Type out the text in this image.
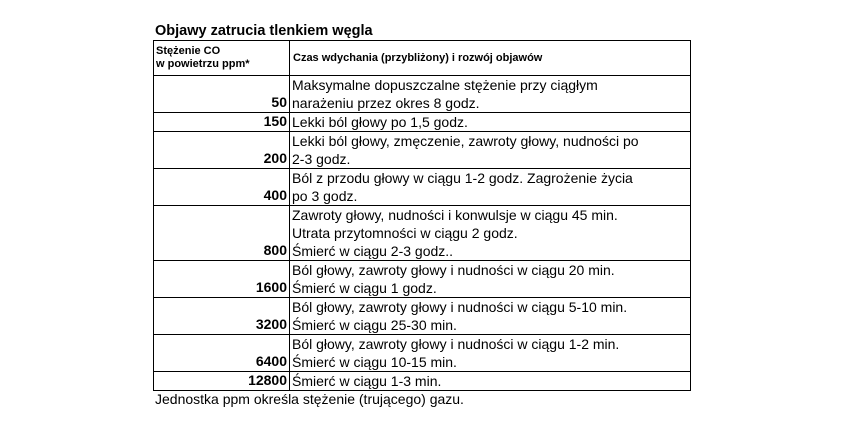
Objawy zatrucia tlenkiem węgla
Stężenie CO
w powietrzu ppm*	Czas wdychania (przybliżony) i rozwój objawów
50	Maksymalne dopuszczalne stężenie przy ciągłym
narażeniu przez okres 8 godz.
150	Lekki ból głowy po 1,5 godz.
200	Lekki ból głowy, zmęczenie, zawroty głowy, nudności po
2-3 godz.
400	Ból z przodu głowy w ciągu 1-2 godz. Zagrożenie życia
po 3 godz.
800	Zawroty głowy, nudności i konwulsje w ciągu 45 min.
Utrata przytomności w ciągu 2 godz.
Śmierć w ciągu 2-3 godz..
1600	Ból głowy, zawroty głowy i nudności w ciągu 20 min.
Śmierć w ciągu 1 godz.
3200	Ból głowy, zawroty głowy i nudności w ciągu 5-10 min.
Śmierć w ciągu 25-30 min.
6400	Ból głowy, zawroty głowy i nudności w ciągu 1-2 min.
Śmierć w ciągu 10-15 min.
12800	Śmierć w ciągu 1-3 min.
Jednostka ppm określa stężenie (trującego) gazu.
